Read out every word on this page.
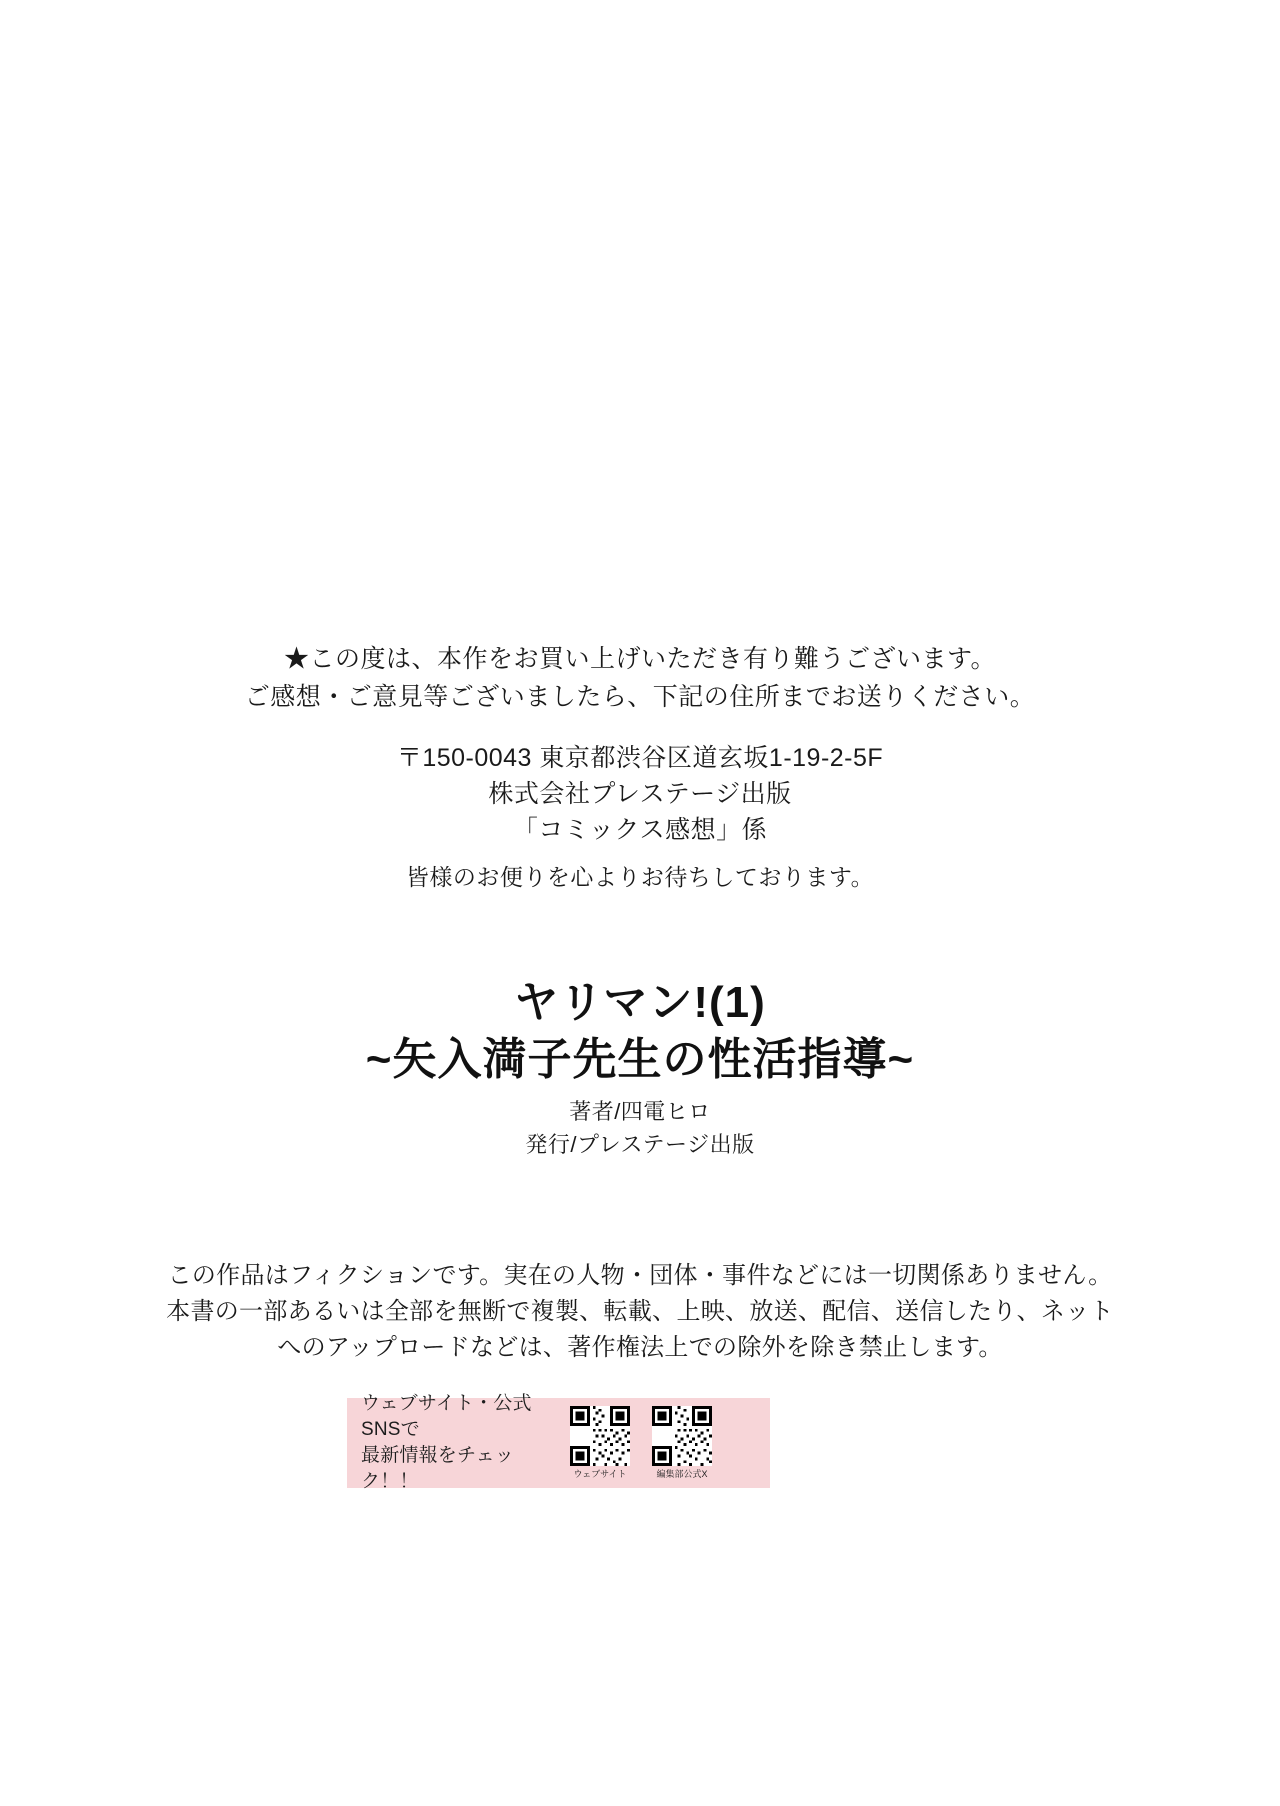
★この度は、本作をお買い上げいただき有り難うございます。
ご感想・ご意見等ございましたら、下記の住所までお送りください。
〒150-0043 東京都渋谷区道玄坂1-19-2-5F
株式会社プレステージ出版
「コミックス感想」係
皆様のお便りを心よりお待ちしております。
ヤリマン!(1)
~矢入満子先生の性活指導~
著者/四電ヒロ
発行/プレステージ出版
この作品はフィクションです。実在の人物・団体・事件などには一切関係ありません。
本書の一部あるいは全部を無断で複製、転載、上映、放送、配信、送信したり、ネット
へのアップロードなどは、著作権法上での除外を除き禁止します。
ウェブサイト・公式SNSで
最新情報をチェック！！	ウェブサイト	編集部公式X
